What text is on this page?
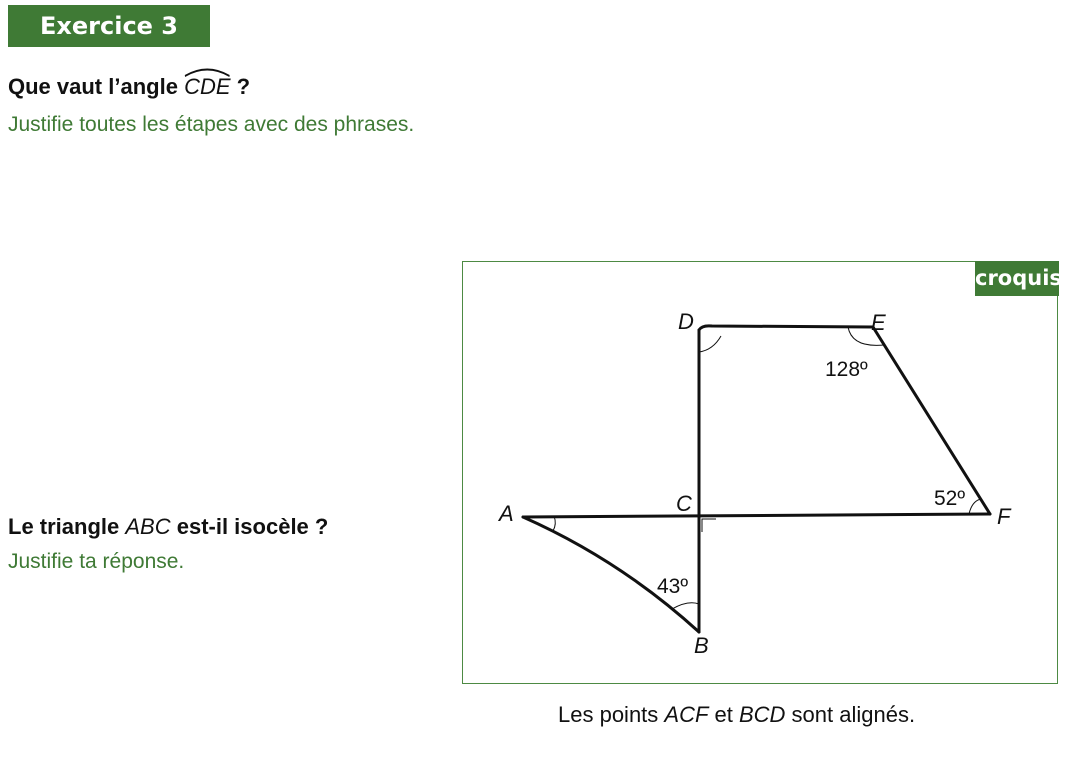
Exercice 3
Que vaut l’angle CDE ?
Justifie toutes les étapes avec des phrases.
Le triangle ABC est-il isocèle ?
Justifie ta réponse.
croquis
A
B
C
D	E
F
128º
52º
43º
Les points ACF et BCD sont alignés.
